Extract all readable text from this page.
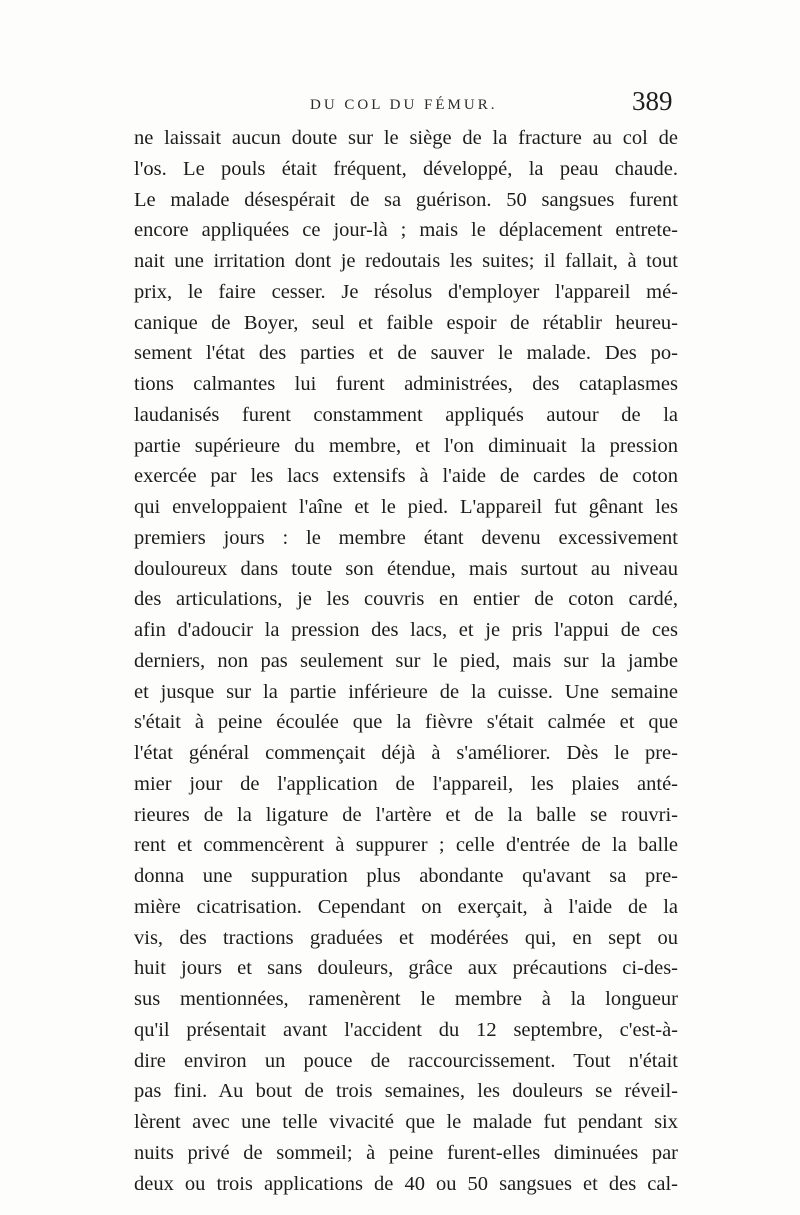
DU COL DU FÉMUR.	389
ne laissait aucun doute sur le siège de la fracture au col de
l'os. Le pouls était fréquent, développé, la peau chaude.
Le malade désespérait de sa guérison. 50 sangsues furent
encore appliquées ce jour-là ; mais le déplacement entrete-
nait une irritation dont je redoutais les suites; il fallait, à tout
prix, le faire cesser. Je résolus d'employer l'appareil mé-
canique de Boyer, seul et faible espoir de rétablir heureu-
sement l'état des parties et de sauver le malade. Des po-
tions calmantes lui furent administrées, des cataplasmes
laudanisés furent constamment appliqués autour de la
partie supérieure du membre, et l'on diminuait la pression
exercée par les lacs extensifs à l'aide de cardes de coton
qui enveloppaient l'aîne et le pied. L'appareil fut gênant les
premiers jours : le membre étant devenu excessivement
douloureux dans toute son étendue, mais surtout au niveau
des articulations, je les couvris en entier de coton cardé,
afin d'adoucir la pression des lacs, et je pris l'appui de ces
derniers, non pas seulement sur le pied, mais sur la jambe
et jusque sur la partie inférieure de la cuisse. Une semaine
s'était à peine écoulée que la fièvre s'était calmée et que
l'état général commençait déjà à s'améliorer. Dès le pre-
mier jour de l'application de l'appareil, les plaies anté-
rieures de la ligature de l'artère et de la balle se rouvri-
rent et commencèrent à suppurer ; celle d'entrée de la balle
donna une suppuration plus abondante qu'avant sa pre-
mière cicatrisation. Cependant on exerçait, à l'aide de la
vis, des tractions graduées et modérées qui, en sept ou
huit jours et sans douleurs, grâce aux précautions ci-des-
sus mentionnées, ramenèrent le membre à la longueur
qu'il présentait avant l'accident du 12 septembre, c'est-à-
dire environ un pouce de raccourcissement. Tout n'était
pas fini. Au bout de trois semaines, les douleurs se réveil-
lèrent avec une telle vivacité que le malade fut pendant six
nuits privé de sommeil; à peine furent-elles diminuées par
deux ou trois applications de 40 ou 50 sangsues et des cal-
